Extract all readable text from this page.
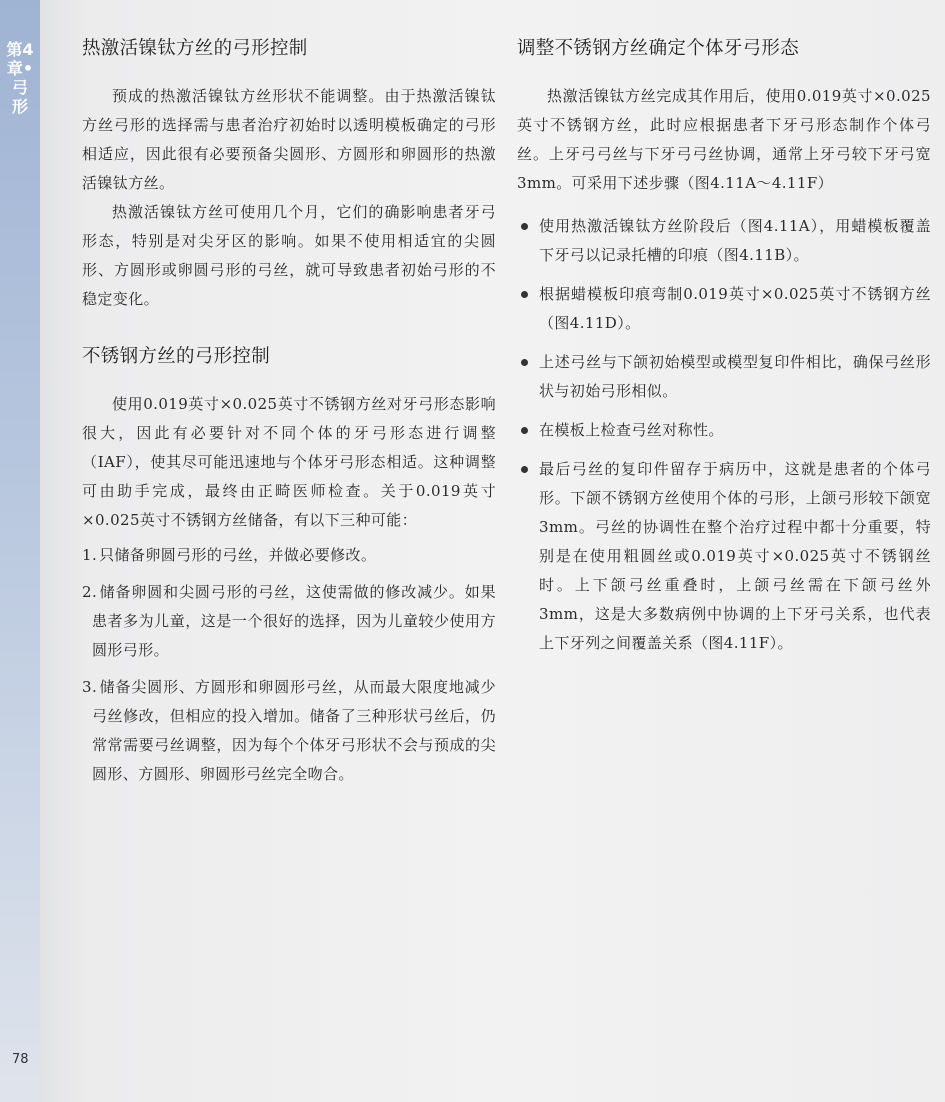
第4章•弓形
热激活镍钛方丝的弓形控制

预成的热激活镍钛方丝形状不能调整。由于热激活镍钛方丝弓形的选择需与患者治疗初始时以透明模板确定的弓形相适应，因此很有必要预备尖圆形、方圆形和卵圆形的热激活镍钛方丝。

热激活镍钛方丝可使用几个月，它们的确影响患者牙弓形态，特别是对尖牙区的影响。如果不使用相适宜的尖圆形、方圆形或卵圆弓形的弓丝，就可导致患者初始弓形的不稳定变化。

不锈钢方丝的弓形控制

使用0.019英寸×0.025英寸不锈钢方丝对牙弓形态影响很大，因此有必要针对不同个体的牙弓形态进行调整（IAF），使其尽可能迅速地与个体牙弓形态相适。这种调整可由助手完成，最终由正畸医师检查。关于0.019英寸×0.025英寸不锈钢方丝储备，有以下三种可能：

1. 只储备卵圆弓形的弓丝，并做必要修改。
2. 储备卵圆和尖圆弓形的弓丝，这使需做的修改减少。如果患者多为儿童，这是一个很好的选择，因为儿童较少使用方圆形弓形。
3. 储备尖圆形、方圆形和卵圆形弓丝，从而最大限度地减少弓丝修改，但相应的投入增加。储备了三种形状弓丝后，仍常常需要弓丝调整，因为每个个体牙弓形状不会与预成的尖圆形、方圆形、卵圆形弓丝完全吻合。
调整不锈钢方丝确定个体牙弓形态

热激活镍钛方丝完成其作用后，使用0.019英寸×0.025英寸不锈钢方丝，此时应根据患者下牙弓形态制作个体弓丝。上牙弓弓丝与下牙弓弓丝协调，通常上牙弓较下牙弓宽3mm。可采用下述步骤（图4.11A～4.11F）

使用热激活镍钛方丝阶段后（图4.11A），用蜡模板覆盖下牙弓以记录托槽的印痕（图4.11B）。
根据蜡模板印痕弯制0.019英寸×0.025英寸不锈钢方丝（图4.11D）。
上述弓丝与下颌初始模型或模型复印件相比，确保弓丝形状与初始弓形相似。
在模板上检查弓丝对称性。
最后弓丝的复印件留存于病历中，这就是患者的个体弓形。下颌不锈钢方丝使用个体的弓形，上颌弓形较下颌宽3mm。弓丝的协调性在整个治疗过程中都十分重要，特别是在使用粗圆丝或0.019英寸×0.025英寸不锈钢丝时。上下颌弓丝重叠时，上颌弓丝需在下颌弓丝外3mm，这是大多数病例中协调的上下牙弓关系，也代表上下牙列之间覆盖关系（图4.11F）。
78
